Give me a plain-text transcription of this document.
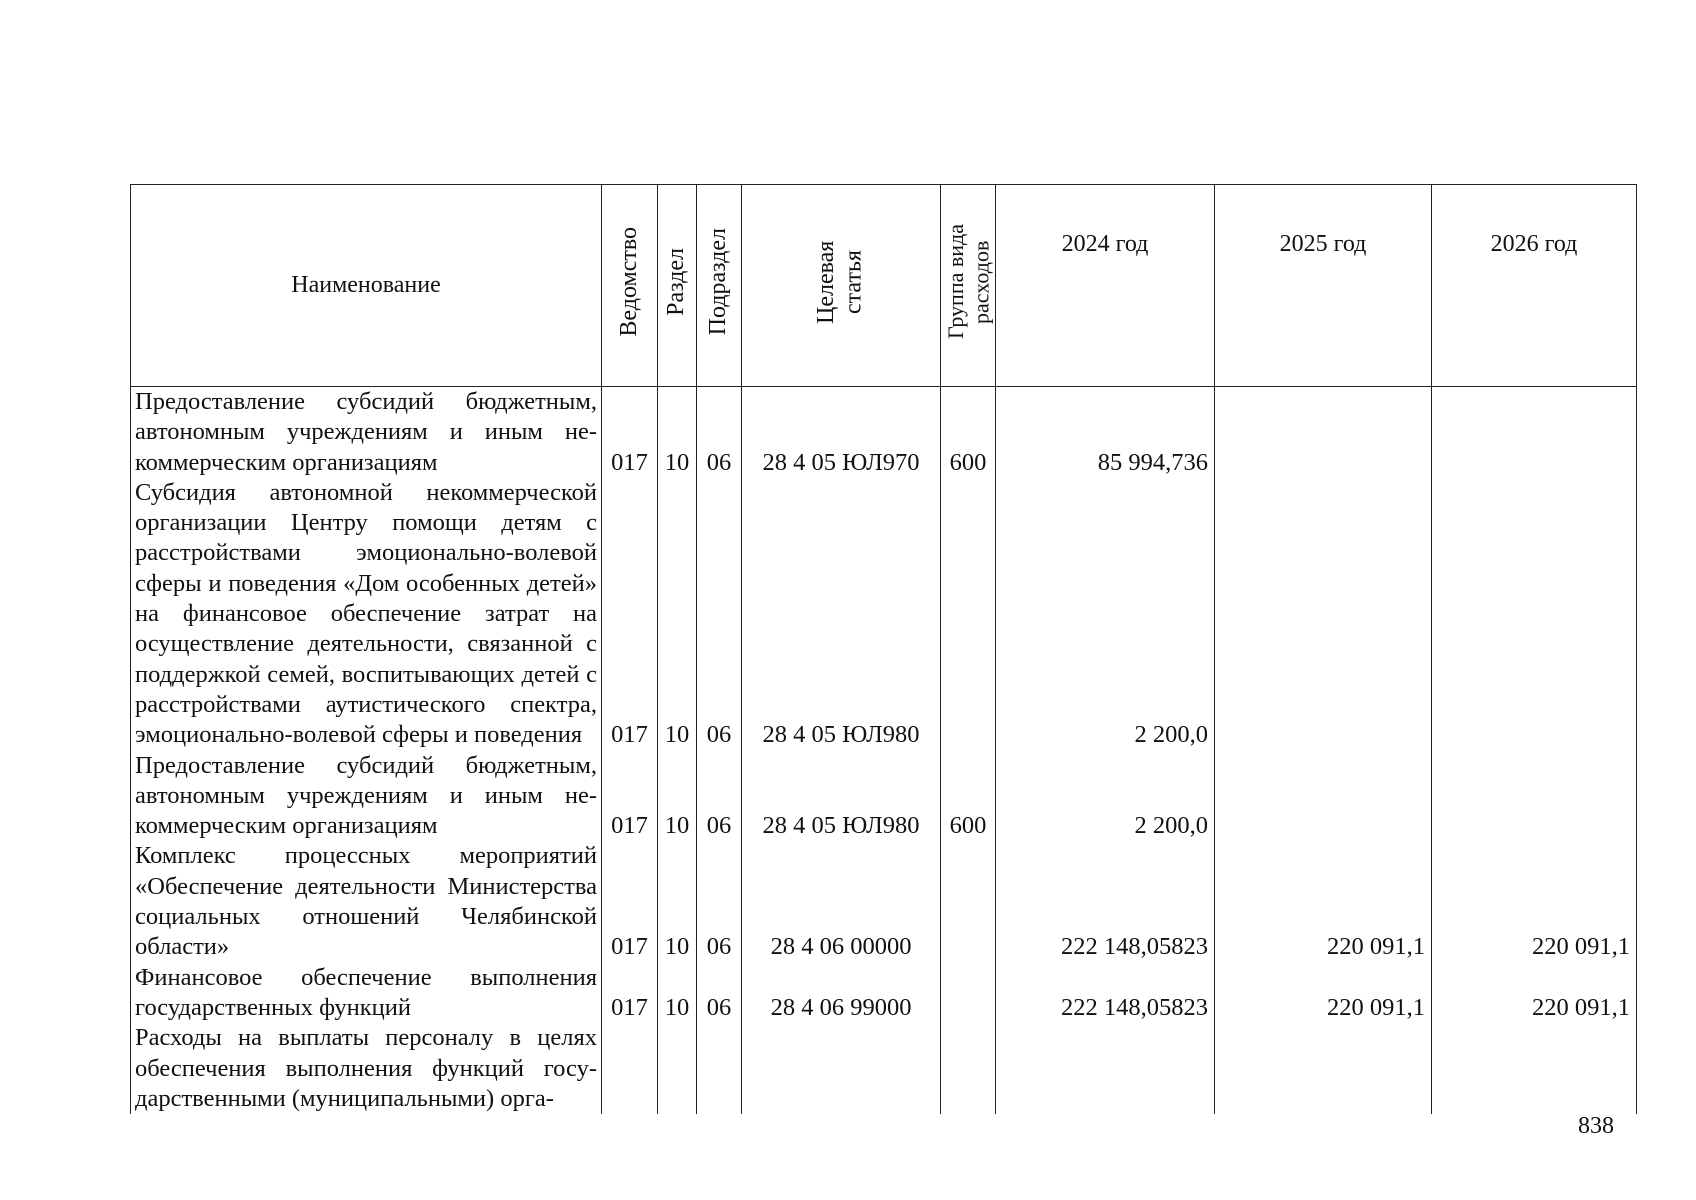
Наименование	Ведомство	Раздел	Подраздел	Целевая статья	Группа вида расходов	2024 год	2025 год	2026 год
Предоставление субсидий бюджетным, автономным учреждениям и иным некоммерческим организациям	017	10	06	28 4 05 ЮЛ970	600	85 994,736		
Субсидия автономной некоммерческой организации Центру помощи детям с расстройствами эмоционально-волевой сферы и поведения «Дом особенных детей» на финансовое обеспечение затрат на осуществление деятельности, связанной с поддержкой семей, воспитывающих детей с расстройствами аутистического спектра, эмоционально-волевой сферы и поведения	017	10	06	28 4 05 ЮЛ980		2 200,0		
Предоставление субсидий бюджетным, автономным учреждениям и иным некоммерческим организациям	017	10	06	28 4 05 ЮЛ980	600	2 200,0		
Комплекс процессных мероприятий «Обеспечение деятельности Министерства социальных отношений Челябинской области»	017	10	06	28 4 06 00000		222 148,05823	220 091,1	220 091,1
Финансовое обеспечение выполнения государственных функций	017	10	06	28 4 06 99000		222 148,05823	220 091,1	220 091,1
Расходы на выплаты персоналу в целях обеспечения выполнения функций государственными (муниципальными) орга-								
838
